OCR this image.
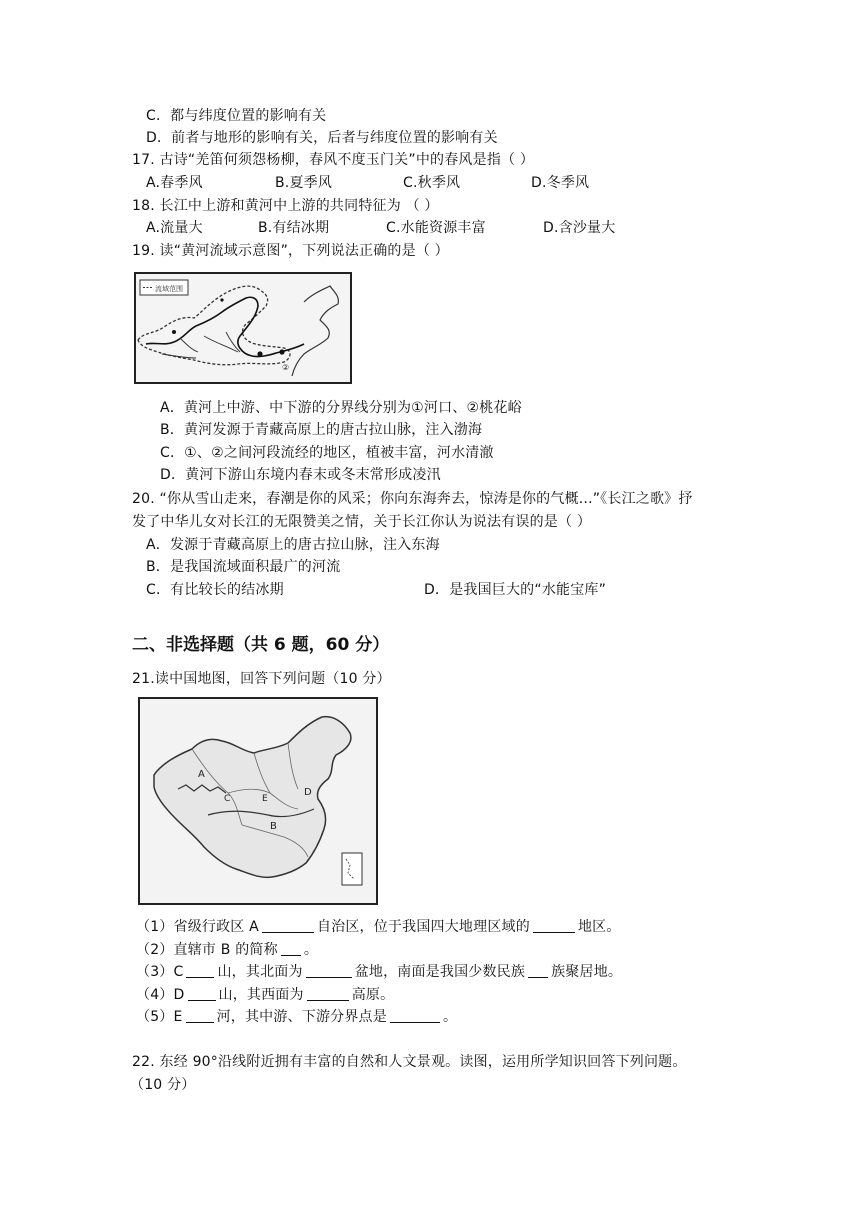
C．都与纬度位置的影响有关
D．前者与地形的影响有关，后者与纬度位置的影响有关
17. 古诗“羌笛何须怨杨柳，春风不度玉门关”中的春风是指（ ）
A.春季风	B.夏季风	C.秋季风	D.冬季风
18. 长江中上游和黄河中上游的共同特征为 （ ）
A.流量大	B.有结冰期	C.水能资源丰富	D.含沙量大
19. 读“黄河流域示意图”，下列说法正确的是（ ）
流域范围
②
A．黄河上中游、中下游的分界线分别为①河口、②桃花峪
B．黄河发源于青藏高原上的唐古拉山脉，注入渤海
C．①、②之间河段流经的地区，植被丰富，河水清澈
D．黄河下游山东境内春末或冬末常形成凌汛
20. “你从雪山走来，春潮是你的风采；你向东海奔去，惊涛是你的气概...”《长江之歌》抒
发了中华儿女对长江的无限赞美之情，关于长江你认为说法有误的是（ ）
A．发源于青藏高原上的唐古拉山脉，注入东海
B．是我国流域面积最广的河流
C．有比较长的结冰期	D．是我国巨大的“水能宝库”
二、非选择题（共 6 题，60 分）
21.读中国地图，回答下列问题（10 分）
A
B
C
D
E
（1）省级行政区 A	自治区，位于我国四大地理区域的	地区。
（2）直辖市 B 的简称 。
（3）C 山，其北面为	盆地，南面是我国少数民族 族聚居地。
（4）D 山，其西面为	高原。
（5）E 河，其中游、下游分界点是	。
22. 东经 90°沿线附近拥有丰富的自然和人文景观。读图，运用所学知识回答下列问题。
（10 分）
